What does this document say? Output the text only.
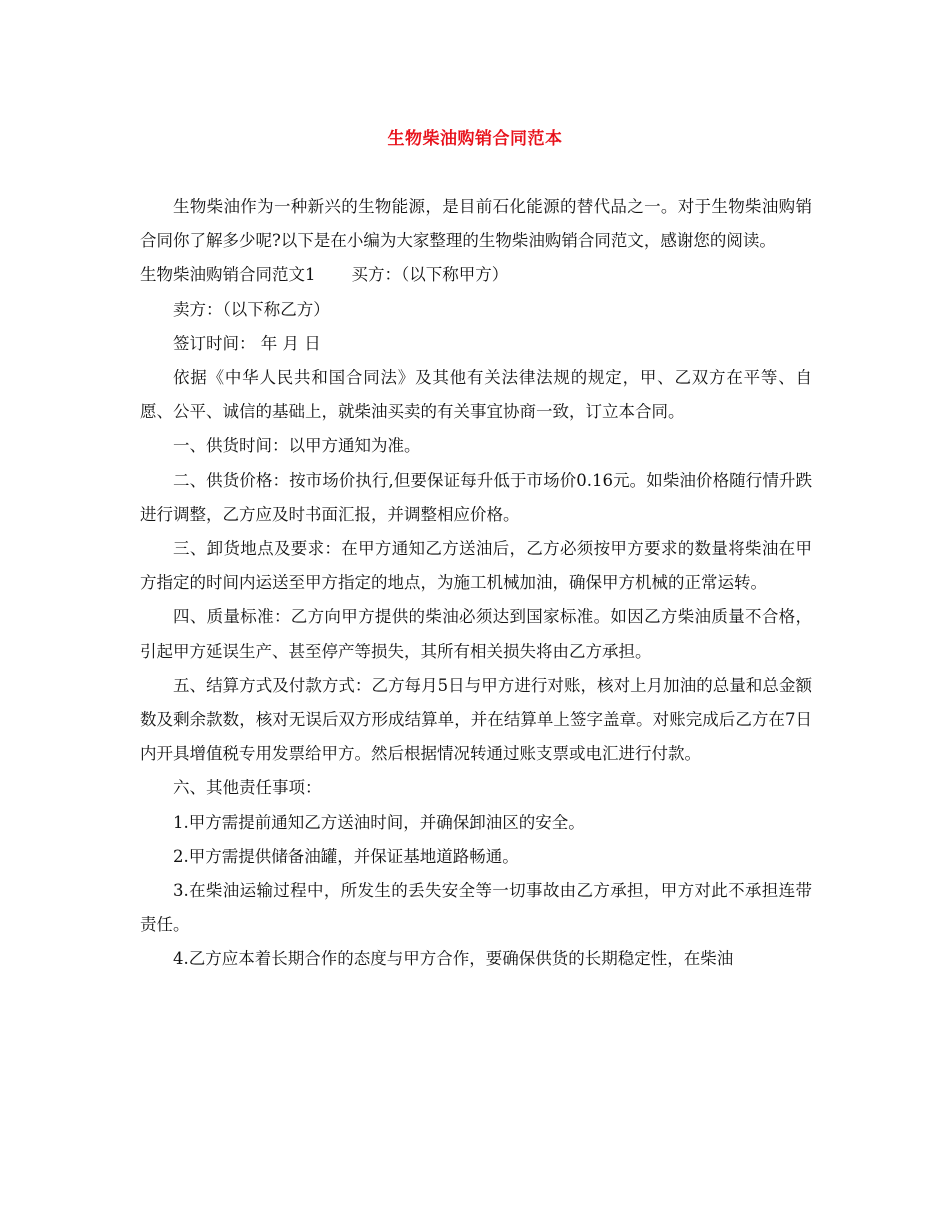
生物柴油购销合同范本

生物柴油作为一种新兴的生物能源，是目前石化能源的替代品之一。对于生物柴油购销合同你了解多少呢?以下是在小编为大家整理的生物柴油购销合同范文，感谢您的阅读。

生物柴油购销合同范文1 买方：（以下称甲方）

卖方：（以下称乙方）

签订时间： 年 月 日

依据《中华人民共和国合同法》及其他有关法律法规的规定，甲、乙双方在平等、自愿、公平、诚信的基础上，就柴油买卖的有关事宜协商一致，订立本合同。

一、供货时间：以甲方通知为准。

二、供货价格：按市场价执行,但要保证每升低于市场价0.16元。如柴油价格随行情升跌进行调整，乙方应及时书面汇报，并调整相应价格。

三、卸货地点及要求：在甲方通知乙方送油后，乙方必须按甲方要求的数量将柴油在甲方指定的时间内运送至甲方指定的地点，为施工机械加油，确保甲方机械的正常运转。

四、质量标准：乙方向甲方提供的柴油必须达到国家标准。如因乙方柴油质量不合格，引起甲方延误生产、甚至停产等损失，其所有相关损失将由乙方承担。

五、结算方式及付款方式：乙方每月5日与甲方进行对账，核对上月加油的总量和总金额数及剩余款数，核对无误后双方形成结算单，并在结算单上签字盖章。对账完成后乙方在7日内开具增值税专用发票给甲方。然后根据情况转通过账支票或电汇进行付款。

六、其他责任事项：

1.甲方需提前通知乙方送油时间，并确保卸油区的安全。

2.甲方需提供储备油罐，并保证基地道路畅通。

3.在柴油运输过程中，所发生的丢失安全等一切事故由乙方承担，甲方对此不承担连带责任。

4.乙方应本着长期合作的态度与甲方合作，要确保供货的长期稳定性，在柴油
